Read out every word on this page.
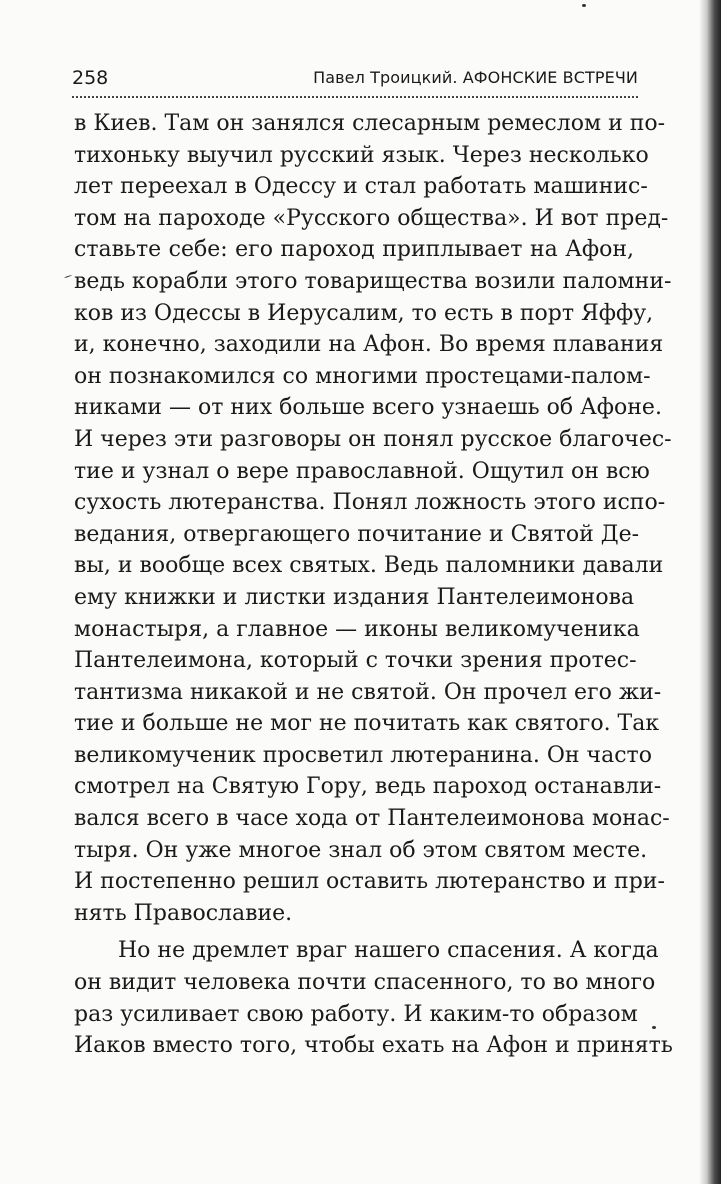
258	Павел Троицкий. АФОНСКИЕ ВСТРЕЧИ
в Киев. Там он занялся слесарным ремеслом и по-
тихоньку выучил русский язык. Через несколько
лет переехал в Одессу и стал работать машинис-
том на пароходе «Русского общества». И вот пред-
ставьте себе: его пароход приплывает на Афон,
ведь корабли этого товарищества возили паломни-
ков из Одессы в Иерусалим, то есть в порт Яффу,
и, конечно, заходили на Афон. Во время плавания
он познакомился со многими простецами-палом-
никами — от них больше всего узнаешь об Афоне.
И через эти разговоры он понял русское благочес-
тие и узнал о вере православной. Ощутил он всю
сухость лютеранства. Понял ложность этого испо-
ведания, отвергающего почитание и Святой Де-
вы, и вообще всех святых. Ведь паломники давали
ему книжки и листки издания Пантелеимонова
монастыря, а главное — иконы великомученика
Пантелеимона, который с точки зрения протес-
тантизма никакой и не святой. Он прочел его жи-
тие и больше не мог не почитать как святого. Так
великомученик просветил лютеранина. Он часто
смотрел на Святую Гору, ведь пароход останавли-
вался всего в часе хода от Пантелеимонова монас-
тыря. Он уже многое знал об этом святом месте.
И постепенно решил оставить лютеранство и при-
нять Православие.
Но не дремлет враг нашего спасения. А когда
он видит человека почти спасенного, то во много
раз усиливает свою работу. И каким-то образом
Иаков вместо того, чтобы ехать на Афон и принять
